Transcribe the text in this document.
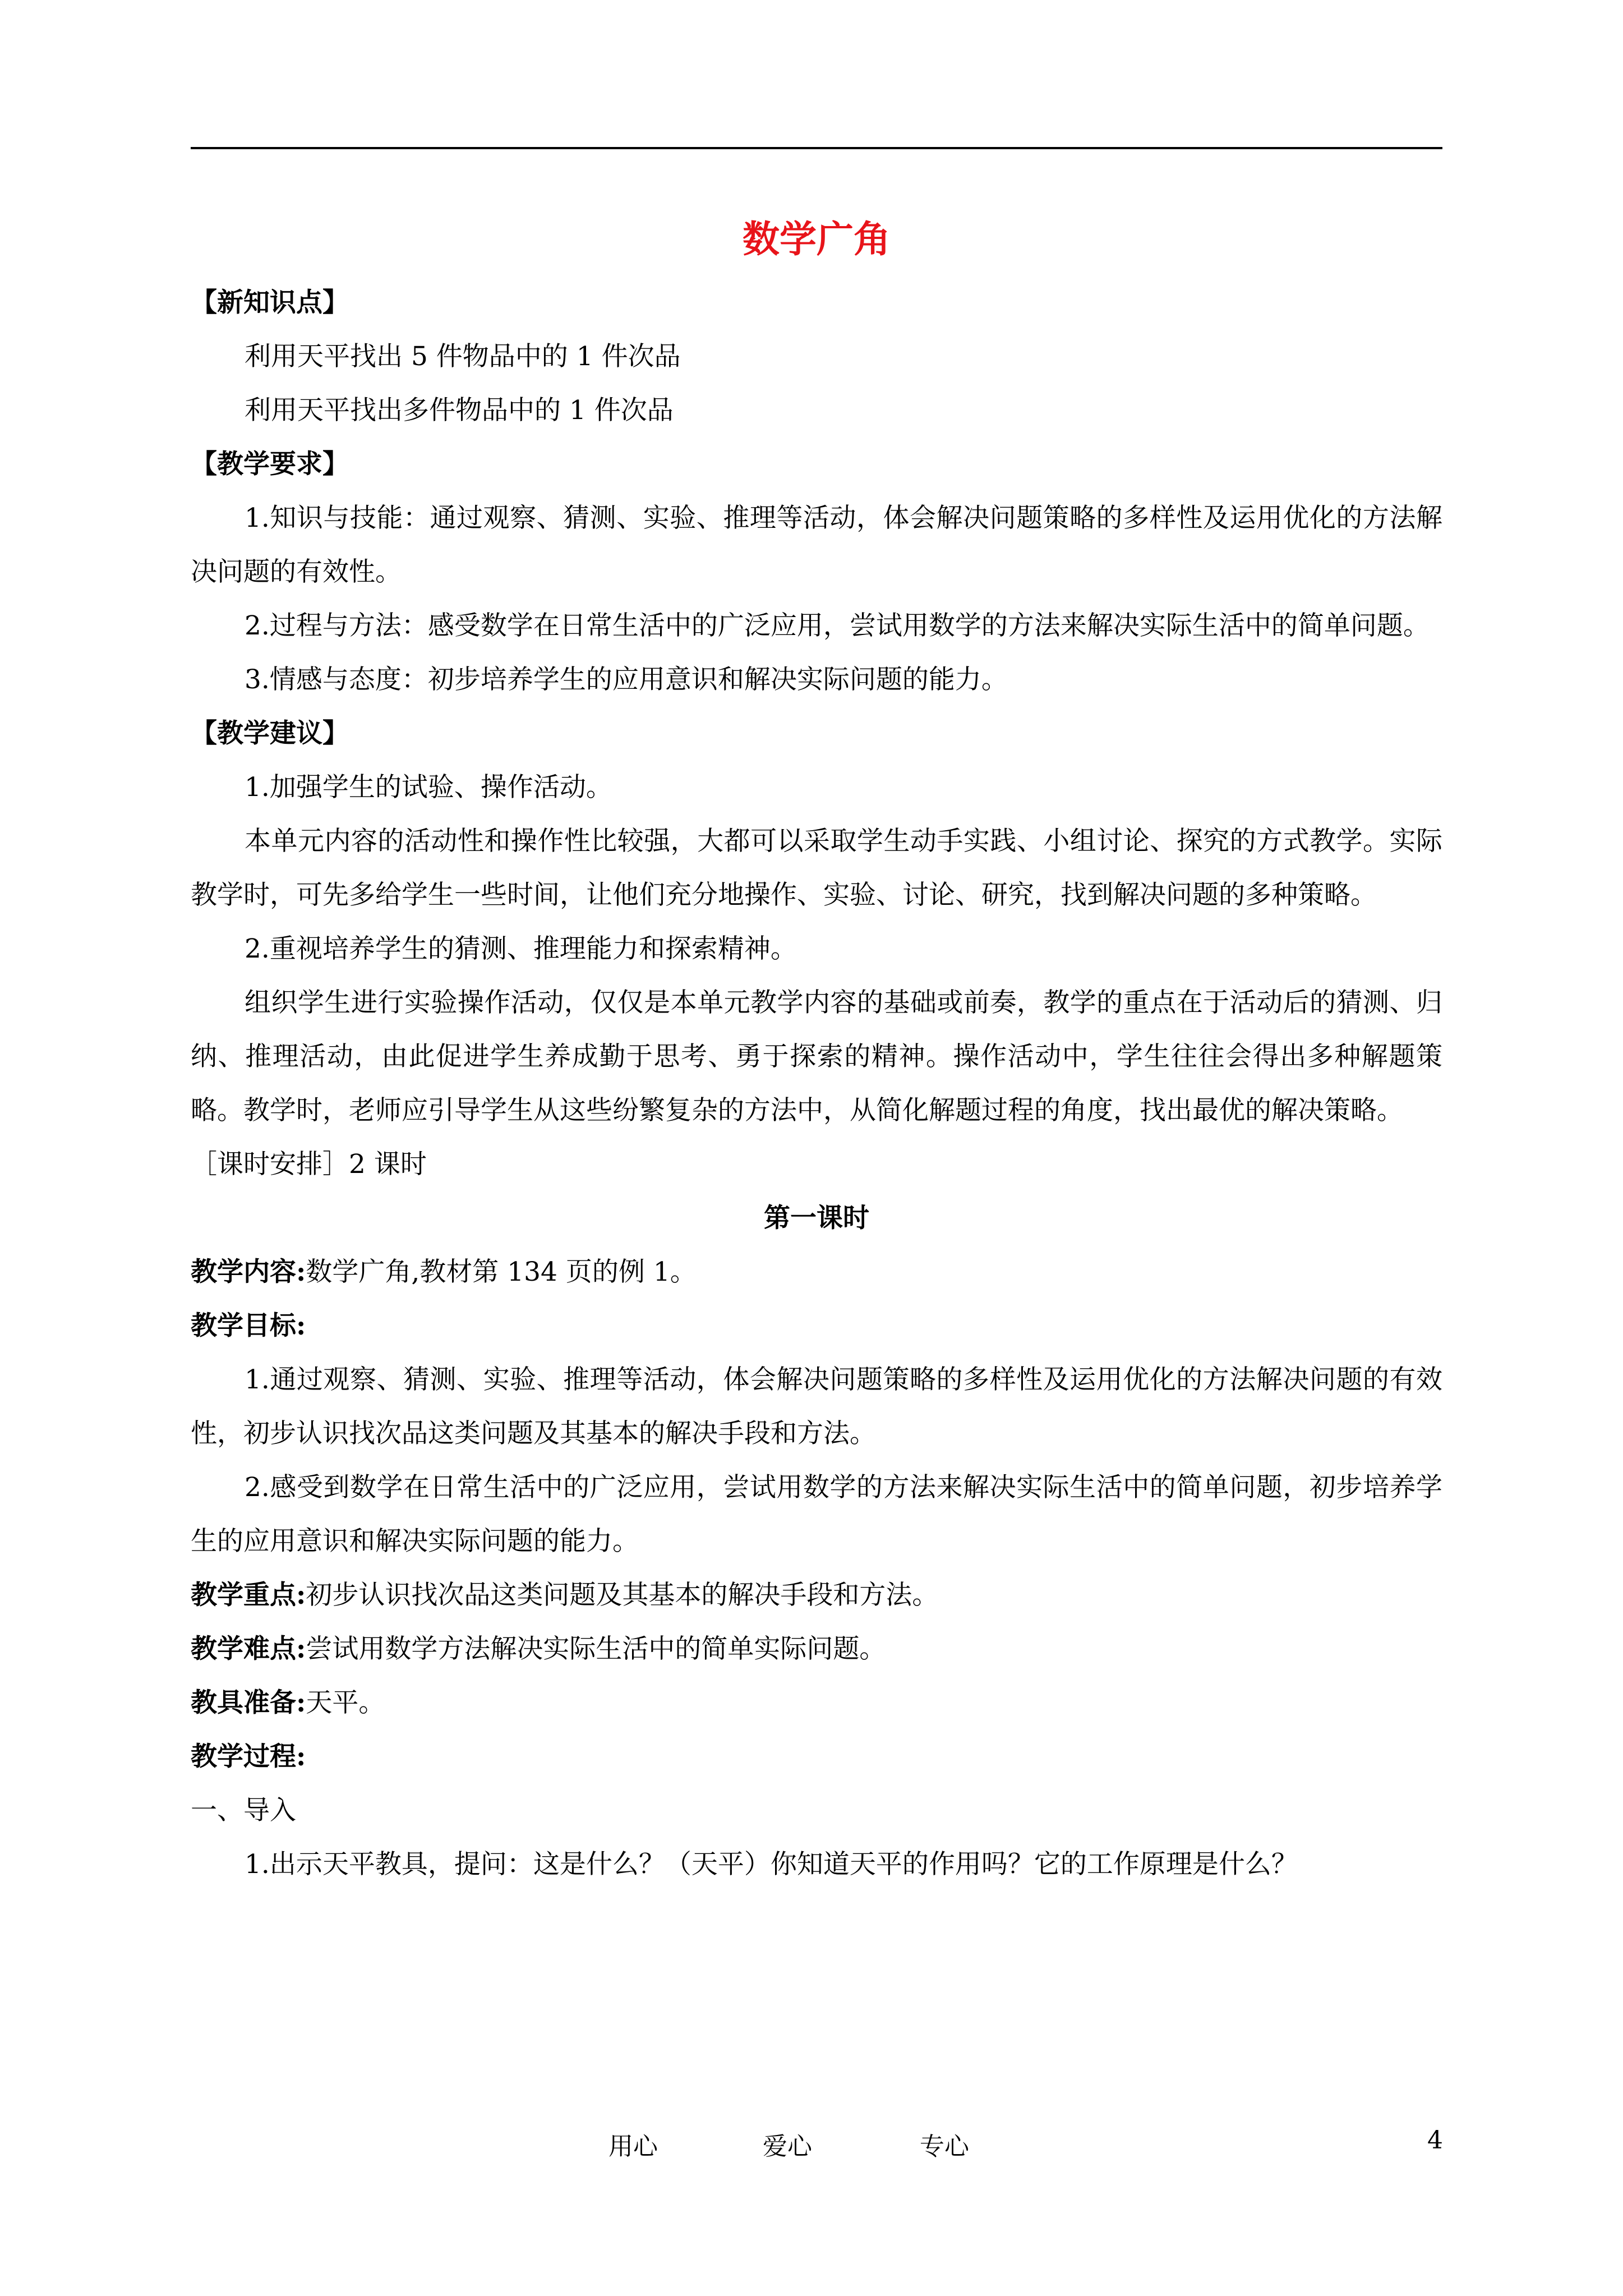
数学广角
【新知识点】
利用天平找出 5 件物品中的 1 件次品
利用天平找出多件物品中的 1 件次品
【教学要求】
1.知识与技能：通过观察、猜测、实验、推理等活动，体会解决问题策略的多样性及运用优化的方法解决问题的有效性。
2.过程与方法：感受数学在日常生活中的广泛应用，尝试用数学的方法来解决实际生活中的简单问题。
3.情感与态度：初步培养学生的应用意识和解决实际问题的能力。
【教学建议】
1.加强学生的试验、操作活动。
本单元内容的活动性和操作性比较强，大都可以采取学生动手实践、小组讨论、探究的方式教学。实际教学时，可先多给学生一些时间，让他们充分地操作、实验、讨论、研究，找到解决问题的多种策略。
2.重视培养学生的猜测、推理能力和探索精神。
组织学生进行实验操作活动，仅仅是本单元教学内容的基础或前奏，教学的重点在于活动后的猜测、归纳、推理活动，由此促进学生养成勤于思考、勇于探索的精神。操作活动中，学生往往会得出多种解题策略。教学时，老师应引导学生从这些纷繁复杂的方法中，从简化解题过程的角度，找出最优的解决策略。
［课时安排］2 课时
第一课时
教学内容:数学广角,教材第 134 页的例 1。
教学目标:
1.通过观察、猜测、实验、推理等活动，体会解决问题策略的多样性及运用优化的方法解决问题的有效性，初步认识找次品这类问题及其基本的解决手段和方法。
2.感受到数学在日常生活中的广泛应用，尝试用数学的方法来解决实际生活中的简单问题，初步培养学生的应用意识和解决实际问题的能力。
教学重点:初步认识找次品这类问题及其基本的解决手段和方法。
教学难点:尝试用数学方法解决实际生活中的简单实际问题。
教具准备:天平。
教学过程:
一、导入
1.出示天平教具，提问：这是什么？（天平）你知道天平的作用吗？它的工作原理是什么？
用心	爱心	专心	4
